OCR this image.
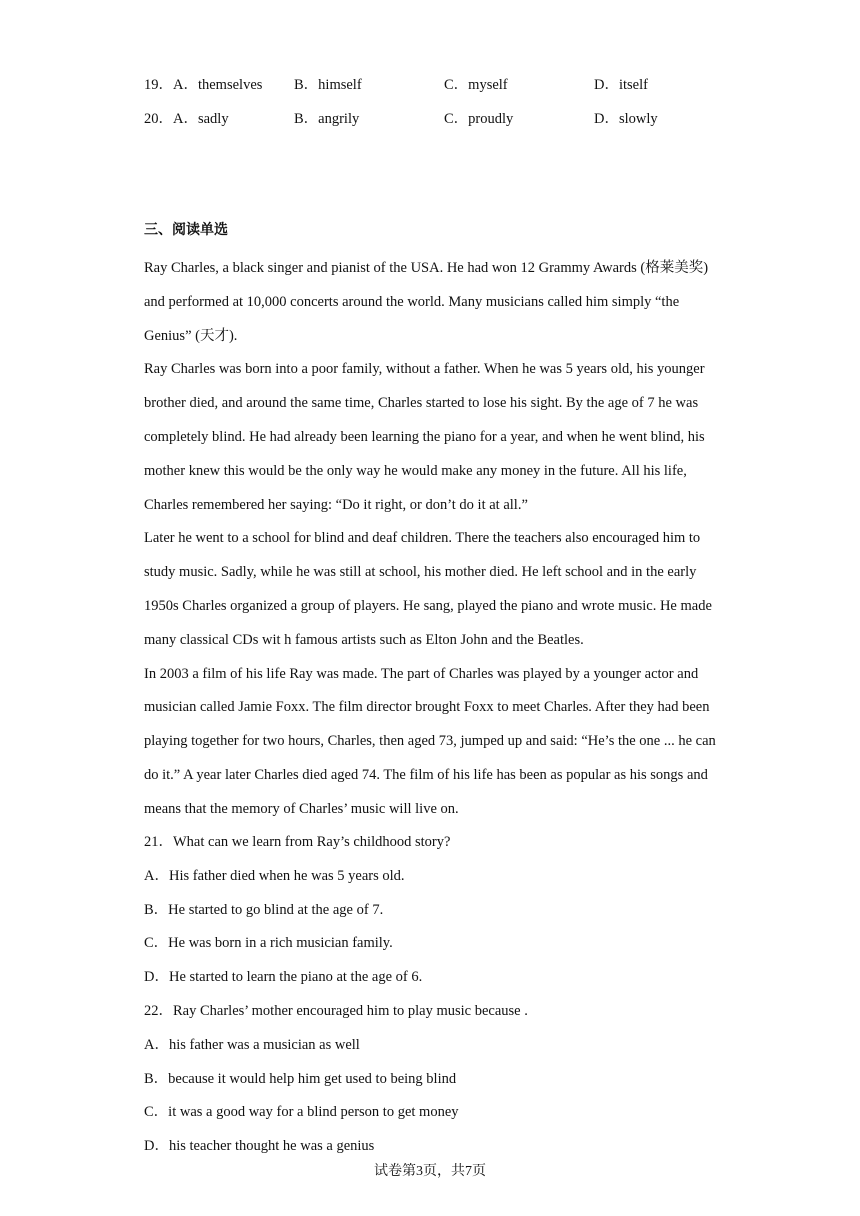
19．A．themselves B．himself	C．myself	D．itself
20．A．sadly	B．angrily	C．proudly	D．slowly
三、阅读单选

Ray Charles, a black singer and pianist of the USA. He had won 12 Grammy Awards (格莱美奖) and performed at 10,000 concerts around the world. Many musicians called him simply “the Genius” (天才).

Ray Charles was born into a poor family, without a father. When he was 5 years old, his younger brother died, and around the same time, Charles started to lose his sight. By the age of 7 he was completely blind. He had already been learning the piano for a year, and when he went blind, his mother knew this would be the only way he would make any money in the future. All his life, Charles remembered her saying: “Do it right, or don’t do it at all.”

Later he went to a school for blind and deaf children. There the teachers also encouraged him to study music. Sadly, while he was still at school, his mother died. He left school and in the early 1950s Charles organized a group of players. He sang, played the piano and wrote music. He made many classical CDs wit h famous artists such as Elton John and the Beatles.

In 2003 a film of his life Ray was made. The part of Charles was played by a younger actor and musician called Jamie Foxx. The film director brought Foxx to meet Charles. After they had been playing together for two hours, Charles, then aged 73, jumped up and said: “He’s the one ... he can do it.” A year later Charles died aged 74. The film of his life has been as popular as his songs and means that the memory of Charles’ music will live on.

21．What can we learn from Ray’s childhood story?

A．His father died when he was 5 years old.

B．He started to go blind at the age of 7.

C．He was born in a rich musician family.

D．He started to learn the piano at the age of 6.

22．Ray Charles’ mother encouraged him to play music because .

A．his father was a musician as well

B．because it would help him get used to being blind

C．it was a good way for a blind person to get money

D．his teacher thought he was a genius

试卷第3页，共7页
